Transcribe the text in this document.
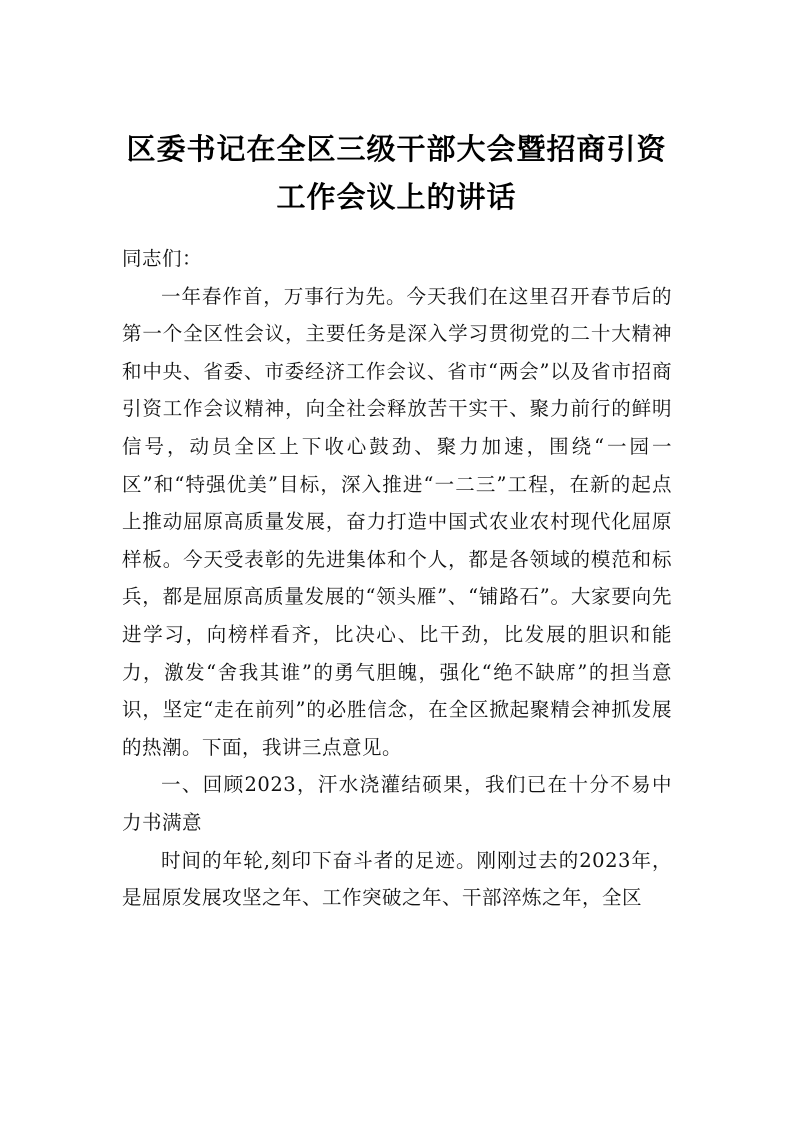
区委书记在全区三级干部大会暨招商引资
工作会议上的讲话

同志们：

一年春作首，万事行为先。今天我们在这里召开春节后的第一个全区性会议，主要任务是深入学习贯彻党的二十大精神和中央、省委、市委经济工作会议、省市“两会”以及省市招商引资工作会议精神，向全社会释放苦干实干、聚力前行的鲜明信号，动员全区上下收心鼓劲、聚力加速，围绕“一园一区”和“特强优美”目标，深入推进“一二三”工程，在新的起点上推动屈原高质量发展，奋力打造中国式农业农村现代化屈原样板。今天受表彰的先进集体和个人，都是各领域的模范和标兵，都是屈原高质量发展的“领头雁”、“铺路石”。大家要向先进学习，向榜样看齐，比决心、比干劲，比发展的胆识和能力，激发“舍我其谁”的勇气胆魄，强化“绝不缺席”的担当意识，坚定“走在前列”的必胜信念，在全区掀起聚精会神抓发展的热潮。下面，我讲三点意见。

一、回顾2023，汗水浇灌结硕果，我们已在十分不易中力书满意

时间的年轮,刻印下奋斗者的足迹。刚刚过去的2023年，是屈原发展攻坚之年、工作突破之年、干部淬炼之年，全区
